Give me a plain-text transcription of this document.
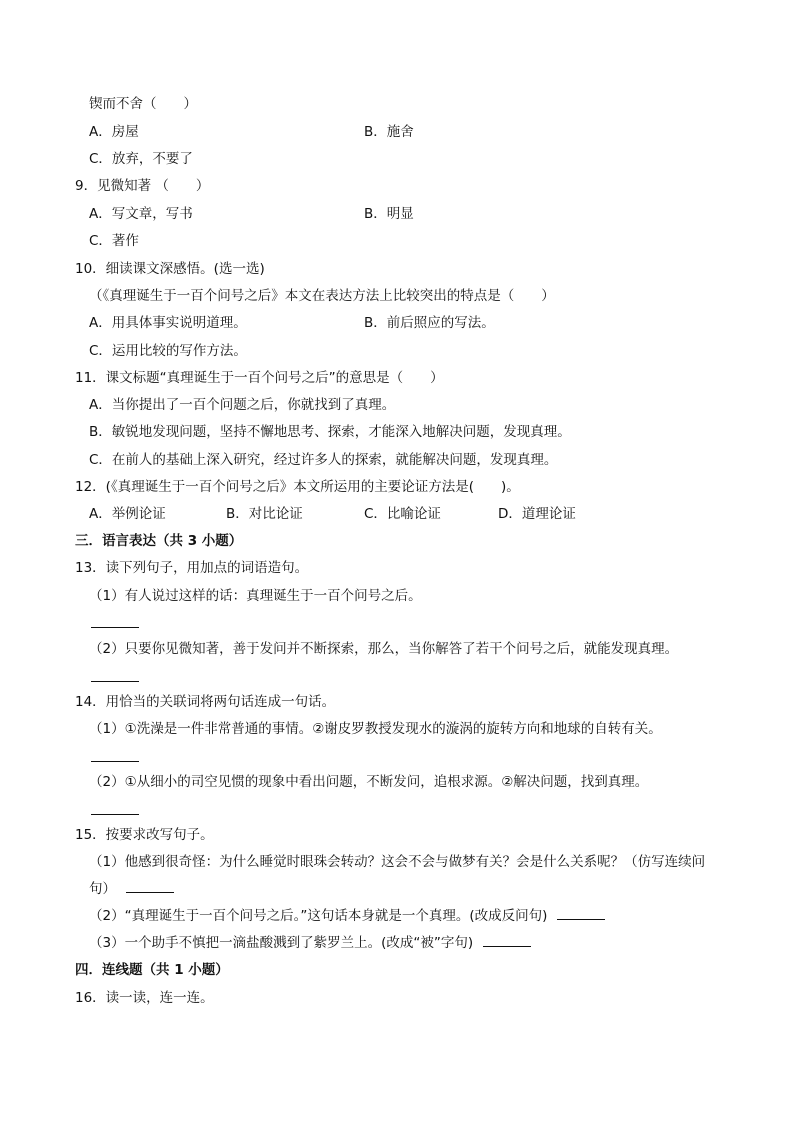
锲而不舍（　　）
A．房屋	B．施舍
C．放弃，不要了
9．见微知著 （　　）
A．写文章，写书	B．明显
C．著作
10．细读课文深感悟。(选一选)
（《真理诞生于一百个问号之后》本文在表达方法上比较突出的特点是（　　）
A．用具体事实说明道理。	B．前后照应的写法。
C．运用比较的写作方法。
11．课文标题“真理诞生于一百个问号之后”的意思是（　　）
A．当你提出了一百个问题之后，你就找到了真理。
B．敏锐地发现问题，坚持不懈地思考、探索，才能深入地解决问题，发现真理。
C．在前人的基础上深入研究，经过许多人的探索，就能解决问题，发现真理。
12．(《真理诞生于一百个问号之后》本文所运用的主要论证方法是(　　)。
A．举例论证	B．对比论证	C．比喻论证	D．道理论证
三．语言表达（共 3 小题）
13．读下列句子，用加点的词语造句。
（1）有人说过这样的话：真理诞生于一百个问号之后。
（2）只要你见微知著，善于发问并不断探索，那么，当你解答了若干个问号之后，就能发现真理。
14．用恰当的关联词将两句话连成一句话。
（1）①洗澡是一件非常普通的事情。②谢皮罗教授发现水的漩涡的旋转方向和地球的自转有关。
（2）①从细小的司空见惯的现象中看出问题，不断发问，追根求源。②解决问题，找到真理。
15．按要求改写句子。
（1）他感到很奇怪：为什么睡觉时眼珠会转动？这会不会与做梦有关？会是什么关系呢？（仿写连续问
句）
（2）“真理诞生于一百个问号之后。”这句话本身就是一个真理。(改成反问句)
（3）一个助手不慎把一滴盐酸溅到了紫罗兰上。(改成“被”字句)
四．连线题（共 1 小题）
16．读一读，连一连。
